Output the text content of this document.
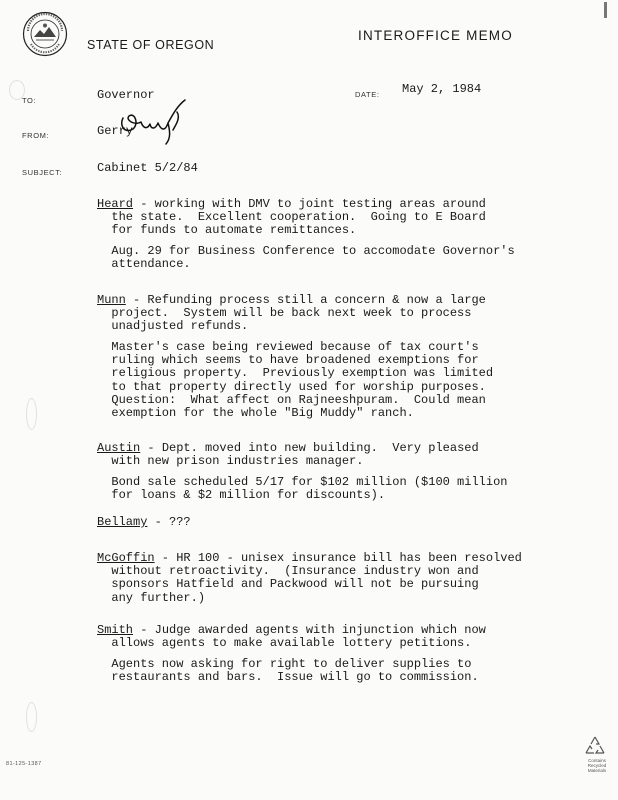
STATE OF OREGON
INTEROFFICE MEMO
TO:	Governor
FROM:	Gerry
SUBJECT:	Cabinet 5/2/84
DATE: May 2, 1984
Heard - working with DMV to joint testing areas around
the state.  Excellent cooperation.  Going to E Board
for funds to automate remittances.
Aug. 29 for Business Conference to accomodate Governor's
attendance.
Munn - Refunding process still a concern & now a large
project.  System will be back next week to process
unadjusted refunds.
Master's case being reviewed because of tax court's
ruling which seems to have broadened exemptions for
religious property.  Previously exemption was limited
to that property directly used for worship purposes.
Question:  What affect on Rajneeshpuram.  Could mean
exemption for the whole "Big Muddy" ranch.
Austin - Dept. moved into new building.  Very pleased
with new prison industries manager.
Bond sale scheduled 5/17 for $102 million ($100 million
for loans & $2 million for discounts).
Bellamy - ???
McGoffin - HR 100 - unisex insurance bill has been resolved
without retroactivity.  (Insurance industry won and
sponsors Hatfield and Packwood will not be pursuing
any further.)
Smith - Judge awarded agents with injunction which now
allows agents to make available lottery petitions.
Agents now asking for right to deliver supplies to
restaurants and bars.  Issue will go to commission.
81-125-1387
Contains Recycled Materials
